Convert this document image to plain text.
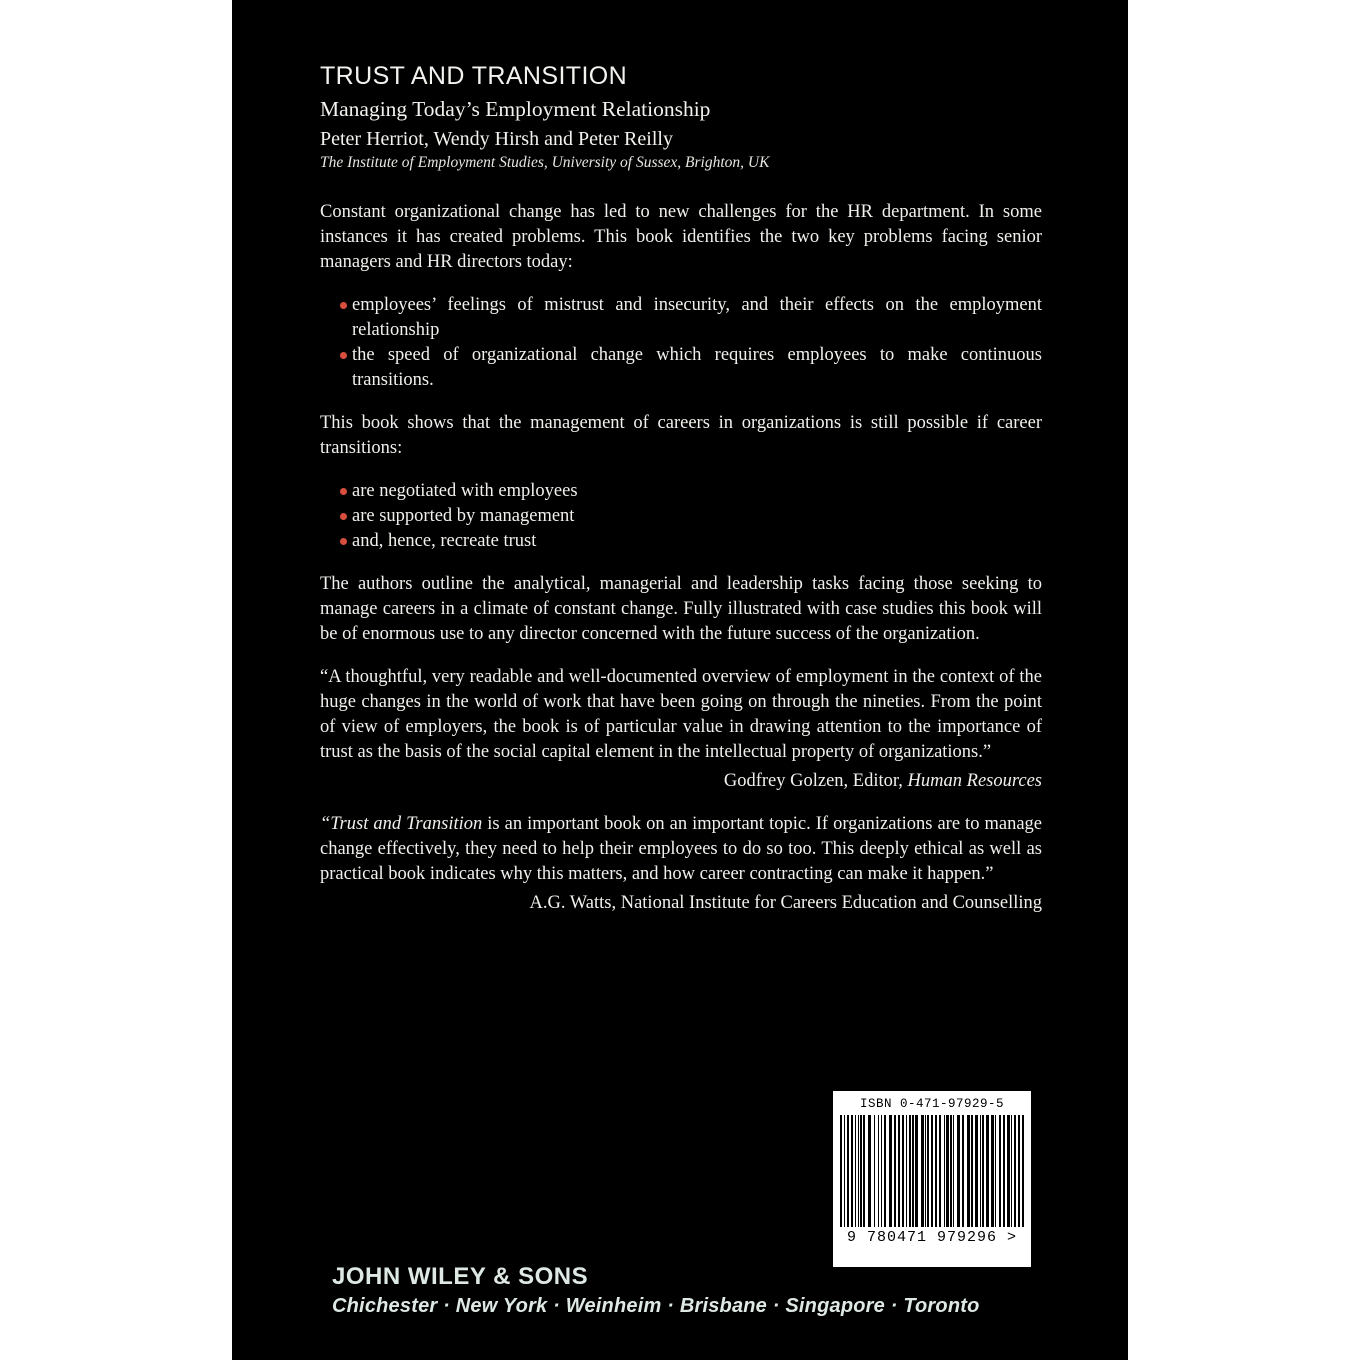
TRUST AND TRANSITION
Managing Today’s Employment Relationship
Peter Herriot, Wendy Hirsh and Peter Reilly
The Institute of Employment Studies, University of Sussex, Brighton, UK

Constant organizational change has led to new challenges for the HR department. In some instances it has created problems. This book identifies the two key problems facing senior managers and HR directors today:

employees’ feelings of mistrust and insecurity, and their effects on the employment relationship
the speed of organizational change which requires employees to make continuous transitions.

This book shows that the management of careers in organizations is still possible if career transitions:

are negotiated with employees
are supported by management
and, hence, recreate trust

The authors outline the analytical, managerial and leadership tasks facing those seeking to manage careers in a climate of constant change. Fully illustrated with case studies this book will be of enormous use to any director concerned with the future success of the organization.

“A thoughtful, very readable and well-documented overview of employment in the context of the huge changes in the world of work that have been going on through the nineties. From the point of view of employers, the book is of particular value in drawing attention to the importance of trust as the basis of the social capital element in the intellectual property of organizations.”
Godfrey Golzen, Editor, Human Resources
“Trust and Transition is an important book on an important topic. If organizations are to manage change effectively, they need to help their employees to do so too. This deeply ethical as well as practical book indicates why this matters, and how career contracting can make it happen.”
A.G. Watts, National Institute for Careers Education and Counselling
ISBN 0-471-97929-5
9 780471 979296 >
JOHN WILEY & SONS
Chichester · New York · Weinheim · Brisbane · Singapore · Toronto
